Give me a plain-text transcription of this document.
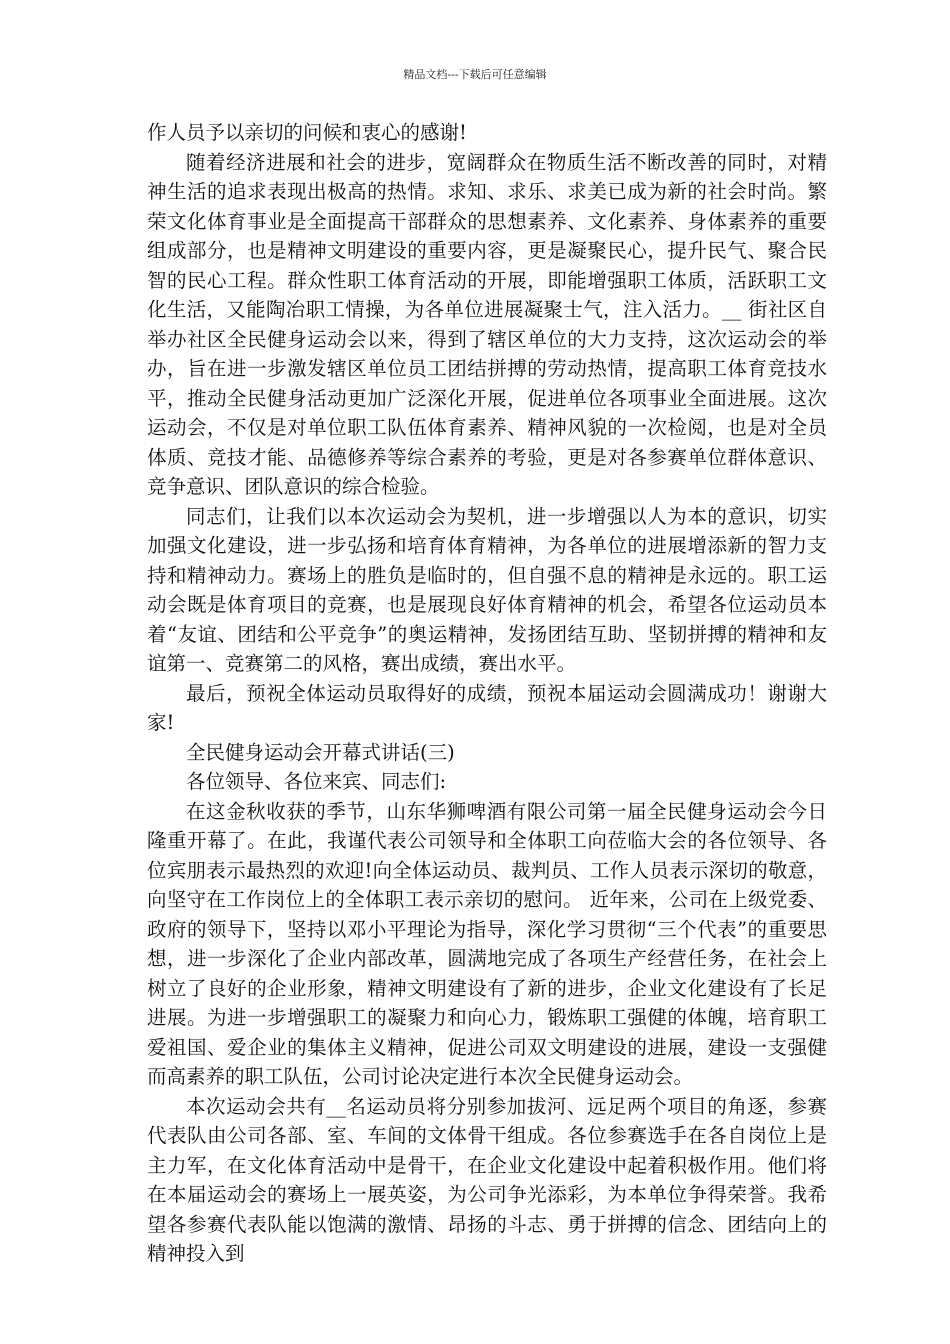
精品文档---下载后可任意编辑

作人员予以亲切的问候和衷心的感谢!

随着经济进展和社会的进步，宽阔群众在物质生活不断改善的同时，对精神生活的追求表现出极高的热情。求知、求乐、求美已成为新的社会时尚。繁荣文化体育事业是全面提高干部群众的思想素养、文化素养、身体素养的重要组成部分，也是精神文明建设的重要内容，更是凝聚民心，提升民气、聚合民智的民心工程。群众性职工体育活动的开展，即能增强职工体质，活跃职工文化生活，又能陶冶职工情操，为各单位进展凝聚士气，注入活力。__ 街社区自举办社区全民健身运动会以来，得到了辖区单位的大力支持，这次运动会的举办，旨在进一步激发辖区单位员工团结拼搏的劳动热情，提高职工体育竞技水平，推动全民健身活动更加广泛深化开展，促进单位各项事业全面进展。这次运动会，不仅是对单位职工队伍体育素养、精神风貌的一次检阅，也是对全员体质、竞技才能、品德修养等综合素养的考验，更是对各参赛单位群体意识、竞争意识、团队意识的综合检验。

同志们，让我们以本次运动会为契机，进一步增强以人为本的意识，切实加强文化建设，进一步弘扬和培育体育精神，为各单位的进展增添新的智力支持和精神动力。赛场上的胜负是临时的，但自强不息的精神是永远的。职工运动会既是体育项目的竞赛，也是展现良好体育精神的机会，希望各位运动员本着“友谊、团结和公平竞争”的奥运精神，发扬团结互助、坚韧拼搏的精神和友谊第一、竞赛第二的风格，赛出成绩，赛出水平。

最后，预祝全体运动员取得好的成绩，预祝本届运动会圆满成功！谢谢大家!

全民健身运动会开幕式讲话(三)

各位领导、各位来宾、同志们:

在这金秋收获的季节，山东华狮啤酒有限公司第一届全民健身运动会今日隆重开幕了。在此，我谨代表公司领导和全体职工向莅临大会的各位领导、各位宾朋表示最热烈的欢迎!向全体运动员、裁判员、工作人员表示深切的敬意，向坚守在工作岗位上的全体职工表示亲切的慰问。 近年来，公司在上级党委、政府的领导下，坚持以邓小平理论为指导，深化学习贯彻“三个代表”的重要思想，进一步深化了企业内部改革，圆满地完成了各项生产经营任务，在社会上树立了良好的企业形象，精神文明建设有了新的进步，企业文化建设有了长足进展。为进一步增强职工的凝聚力和向心力，锻炼职工强健的体魄，培育职工爱祖国、爱企业的集体主义精神，促进公司双文明建设的进展，建设一支强健而高素养的职工队伍，公司讨论决定进行本次全民健身运动会。

本次运动会共有__名运动员将分别参加拔河、远足两个项目的角逐，参赛代表队由公司各部、室、车间的文体骨干组成。各位参赛选手在各自岗位上是主力军，在文化体育活动中是骨干，在企业文化建设中起着积极作用。他们将在本届运动会的赛场上一展英姿，为公司争光添彩，为本单位争得荣誉。我希望各参赛代表队能以饱满的激情、昂扬的斗志、勇于拼搏的信念、团结向上的精神投入到
